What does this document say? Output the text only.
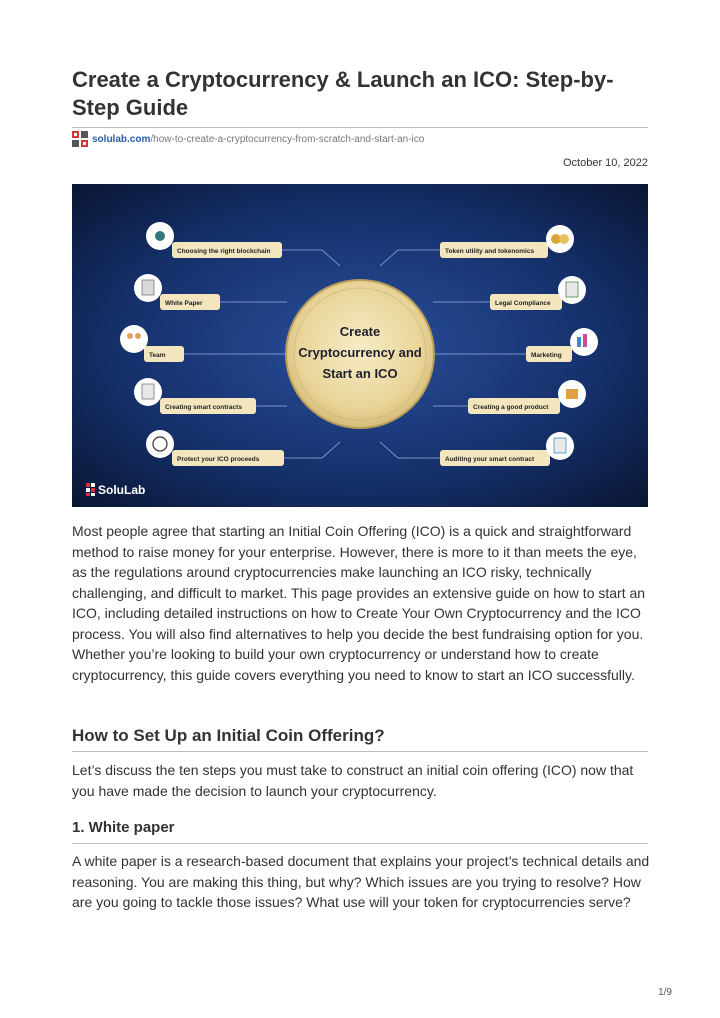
Create a Cryptocurrency & Launch an ICO: Step-by-Step Guide
solulab.com /how-to-create-a-cryptocurrency-from-scratch-and-start-an-ico
October 10, 2022
Create
Cryptocurrency and
Start an ICO
Choosing the right blockchain
White Paper
Team
Creating smart contracts
Protect your ICO proceeds
Token utility and tokenomics
Legal Compliance
Marketing
Creating a good product
Auditing your smart contract
SoluLab

Most people agree that starting an Initial Coin Offering (ICO) is a quick and straightforward method to raise money for your enterprise. However, there is more to it than meets the eye, as the regulations around cryptocurrencies make launching an ICO risky, technically challenging, and difficult to market. This page provides an extensive guide on how to start an ICO, including detailed instructions on how to Create Your Own Cryptocurrency and the ICO process. You will also find alternatives to help you decide the best fundraising option for you. Whether you’re looking to build your own cryptocurrency or understand how to create cryptocurrency, this guide covers everything you need to know to start an ICO successfully.

How to Set Up an Initial Coin Offering?

Let’s discuss the ten steps you must take to construct an initial coin offering (ICO) now that you have made the decision to launch your cryptocurrency.

1. White paper

A white paper is a research-based document that explains your project’s technical details and reasoning. You are making this thing, but why? Which issues are you trying to resolve? How are you going to tackle those issues? What use will your token for cryptocurrencies serve?

1/9
